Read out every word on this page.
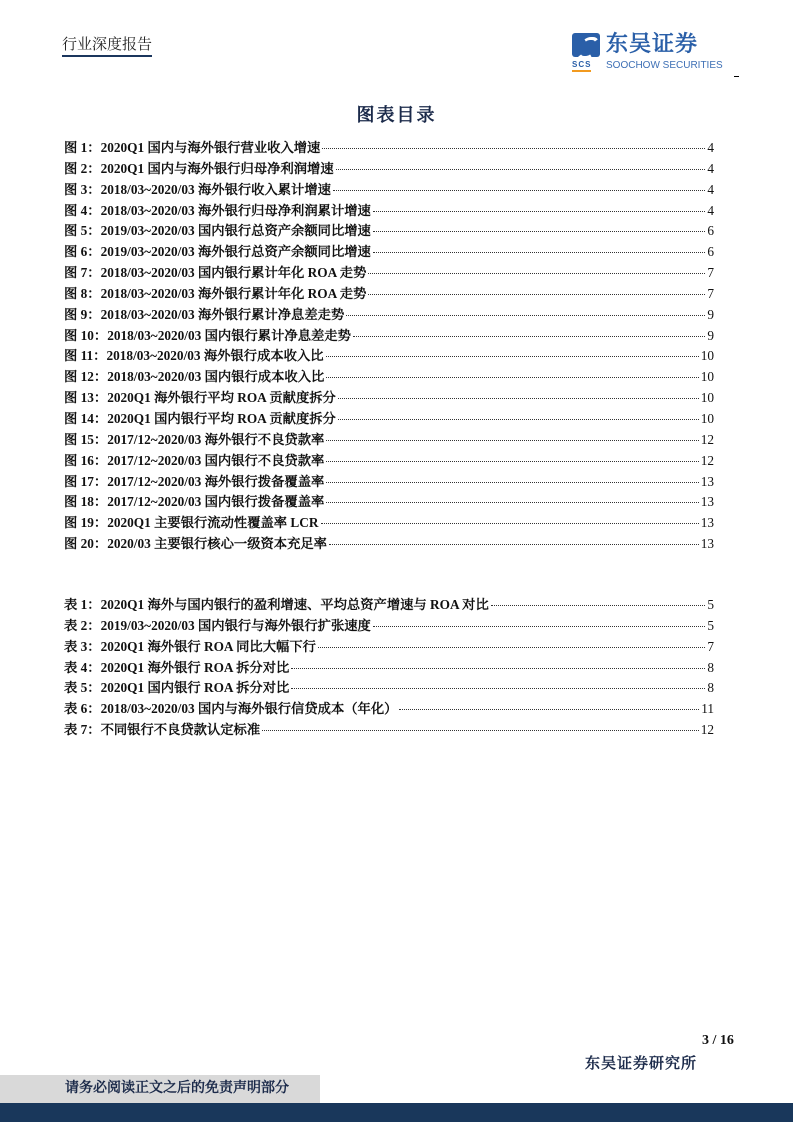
行业深度报告
SCS
东吴证券
SOOCHOW SECURITIES
图表目录
图 1：2020Q1 国内与海外银行营业收入增速	4
图 2：2020Q1 国内与海外银行归母净利润增速	4
图 3：2018/03~2020/03 海外银行收入累计增速	4
图 4：2018/03~2020/03 海外银行归母净利润累计增速	4
图 5：2019/03~2020/03 国内银行总资产余额同比增速	6
图 6：2019/03~2020/03 海外银行总资产余额同比增速	6
图 7：2018/03~2020/03 国内银行累计年化 ROA 走势	7
图 8：2018/03~2020/03 海外银行累计年化 ROA 走势	7
图 9：2018/03~2020/03 海外银行累计净息差走势	9
图 10：2018/03~2020/03 国内银行累计净息差走势	9
图 11：2018/03~2020/03 海外银行成本收入比	10
图 12：2018/03~2020/03 国内银行成本收入比	10
图 13：2020Q1 海外银行平均 ROA 贡献度拆分	10
图 14：2020Q1 国内银行平均 ROA 贡献度拆分	10
图 15：2017/12~2020/03 海外银行不良贷款率	12
图 16：2017/12~2020/03 国内银行不良贷款率	12
图 17：2017/12~2020/03 海外银行拨备覆盖率	13
图 18：2017/12~2020/03 国内银行拨备覆盖率	13
图 19：2020Q1 主要银行流动性覆盖率 LCR	13
图 20：2020/03 主要银行核心一级资本充足率	13
表 1：2020Q1 海外与国内银行的盈利增速、平均总资产增速与 ROA 对比	5
表 2：2019/03~2020/03 国内银行与海外银行扩张速度	5
表 3：2020Q1 海外银行 ROA 同比大幅下行	7
表 4：2020Q1 海外银行 ROA 拆分对比	8
表 5：2020Q1 国内银行 ROA 拆分对比	8
表 6：2018/03~2020/03 国内与海外银行信贷成本（年化）	11
表 7：不同银行不良贷款认定标准	12
3 / 16
东吴证券研究所
请务必阅读正文之后的免责声明部分
